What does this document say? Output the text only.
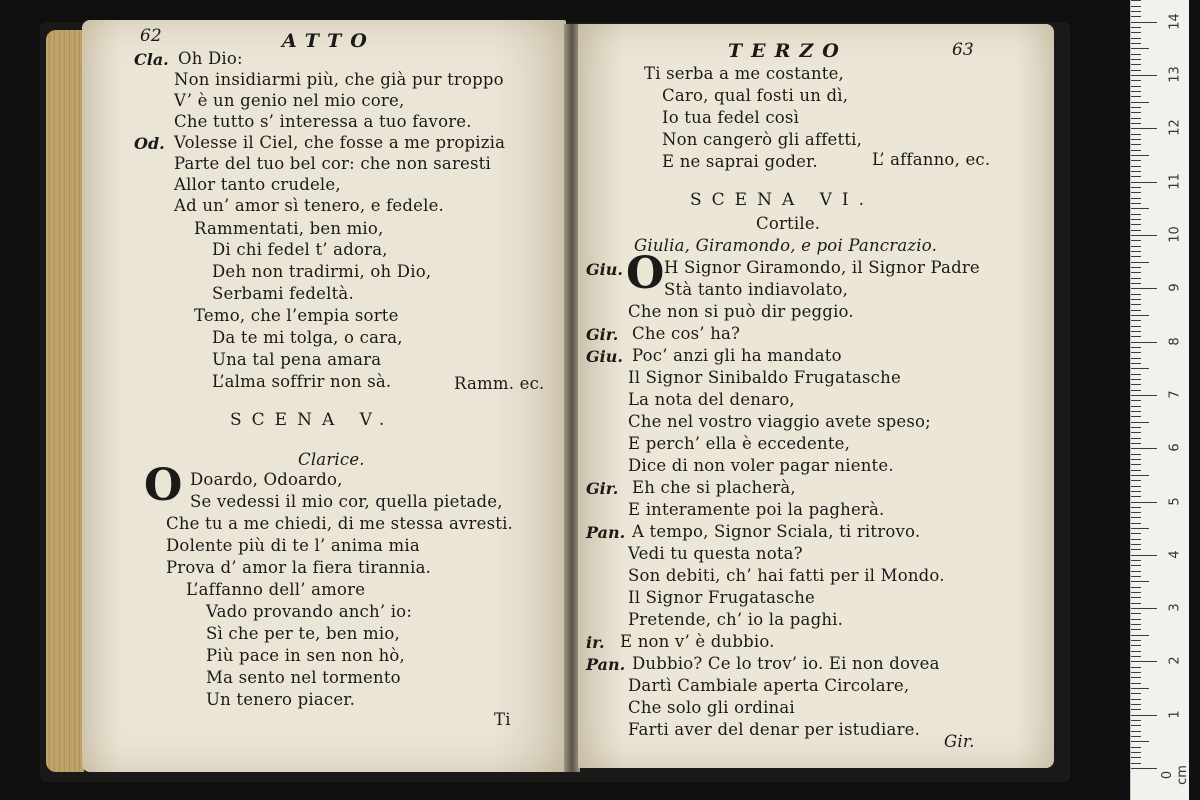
62	ATTO
Cla. Oh Dio:
Non insidiarmi più, che già pur troppo
V’ è un genio nel mio core,
Che tutto s’ interessa a tuo favore.
Od. Volesse il Ciel, che fosse a me propizia
Parte del tuo bel cor: che non saresti
Allor tanto crudele,
Ad un’ amor sì tenero, e fedele.
Rammentati, ben mio,
Di chi fedel t’ adora,
Deh non tradirmi, oh Dio,
Serbami fedeltà.
Temo, che l’empia sorte
Da te mi tolga, o cara,
Una tal pena amara
L’alma soffrir non sà.	Ramm. ec.
SCENA V.
Clarice.
O Doardo, Odoardo,
Se vedessi il mio cor, quella pietade,
Che tu a me chiedi, di me stessa avresti.
Dolente più di te l’ anima mia
Prova d’ amor la fiera tirannia.
L’affanno dell’ amore
Vado provando anch’ io:
Sì che per te, ben mio,
Più pace in sen non hò,
Ma sento nel tormento
Un tenero piacer.
Ti
TERZO	63
Ti serba a me costante,
Caro, qual fosti un dì,
Io tua fedel così
Non cangerò gli affetti,
E ne saprai goder.	L’ affanno, ec.
SCENA VI.
Cortile.
Giulia, Giramondo, e poi Pancrazio.
Giu. O H Signor Giramondo, il Signor Padre
Stà tanto indiavolato,
Che non si può dir peggio.
Gir. Che cos’ ha?
Giu. Poc’ anzi gli ha mandato
Il Signor Sinibaldo Frugatasche
La nota del denaro,
Che nel vostro viaggio avete speso;
E perch’ ella è eccedente,
Dice di non voler pagar niente.
Gir. Eh che si placherà,
E interamente poi la pagherà.
Pan. A tempo, Signor Sciala, ti ritrovo.
Vedi tu questa nota?
Son debiti, ch’ hai fatti per il Mondo.
Il Signor Frugatasche
Pretende, ch’ io la paghi.
ir. E non v’ è dubbio.
Pan. Dubbio? Ce lo trov’ io. Ei non dovea
Dartì Cambiale aperta Circolare,
Che solo gli ordinai
Farti aver del denar per istudiare.
Gir.
0 cm
1
2
3
4
5
6
7
8
9
10
11
12
13
14
